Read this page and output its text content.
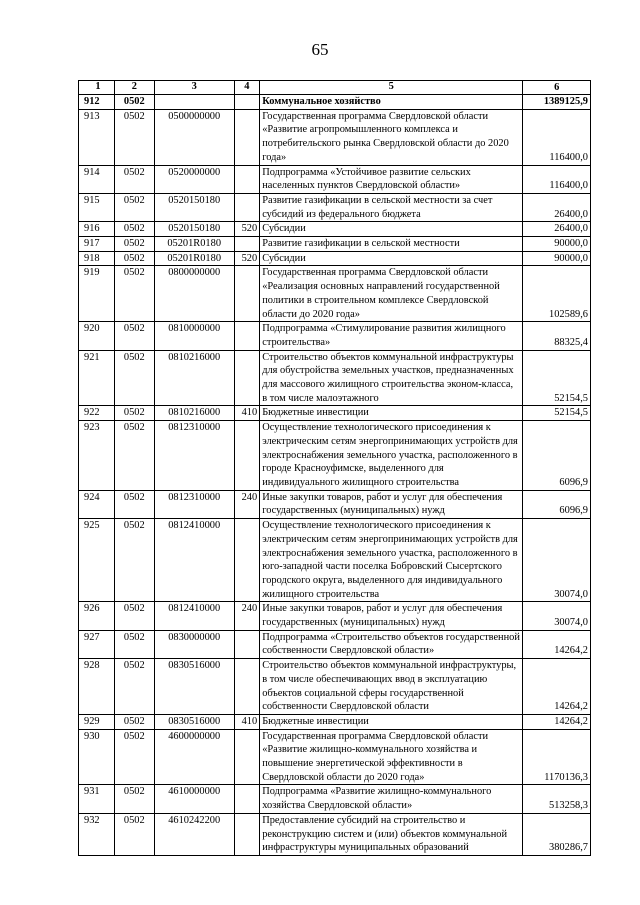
65
1	2	3	4	5	6
912	0502			Коммунальное хозяйство	1389125,9
913	0502	0500000000		Государственная программа Свердловской области «Развитие агропромышленного комплекса и потребительского рынка Свердловской области до 2020 года»	116400,0
914	0502	0520000000		Подпрограмма «Устойчивое развитие сельских населенных пунктов Свердловской области»	116400,0
915	0502	0520150180		Развитие газификации в сельской местности за счет субсидий из федерального бюджета	26400,0
916	0502	0520150180	520	Субсидии	26400,0
917	0502	05201R0180		Развитие газификации в сельской местности	90000,0
918	0502	05201R0180	520	Субсидии	90000,0
919	0502	0800000000		Государственная программа Свердловской области «Реализация основных направлений государственной политики в строительном комплексе Свердловской области до 2020 года»	102589,6
920	0502	0810000000		Подпрограмма «Стимулирование развития жилищного строительства»	88325,4
921	0502	0810216000		Строительство объектов коммунальной инфраструктуры для обустройства земельных участков, предназначенных для массового жилищного строительства эконом-класса, в том числе малоэтажного	52154,5
922	0502	0810216000	410	Бюджетные инвестиции	52154,5
923	0502	0812310000		Осуществление технологического присоединения к электрическим сетям энергопринимающих устройств для электроснабжения земельного участка, расположенного в городе Красноуфимске, выделенного для индивидуального жилищного строительства	6096,9
924	0502	0812310000	240	Иные закупки товаров, работ и услуг для обеспечения государственных (муниципальных) нужд	6096,9
925	0502	0812410000		Осуществление технологического присоединения к электрическим сетям энергопринимающих устройств для электроснабжения земельного участка, расположенного в юго-западной части поселка Бобровский Сысертского городского округа, выделенного для индивидуального жилищного строительства	30074,0
926	0502	0812410000	240	Иные закупки товаров, работ и услуг для обеспечения государственных (муниципальных) нужд	30074,0
927	0502	0830000000		Подпрограмма «Строительство объектов государственной собственности Свердловской области»	14264,2
928	0502	0830516000		Строительство объектов коммунальной инфраструктуры, в том числе обеспечивающих ввод в эксплуатацию объектов социальной сферы государственной собственности Свердловской области	14264,2
929	0502	0830516000	410	Бюджетные инвестиции	14264,2
930	0502	4600000000		Государственная программа Свердловской области «Развитие жилищно-коммунального хозяйства и повышение энергетической эффективности в Свердловской области до 2020 года»	1170136,3
931	0502	4610000000		Подпрограмма «Развитие жилищно-коммунального хозяйства Свердловской области»	513258,3
932	0502	4610242200		Предоставление субсидий на строительство и реконструкцию систем и (или) объектов коммунальной инфраструктуры муниципальных образований	380286,7
